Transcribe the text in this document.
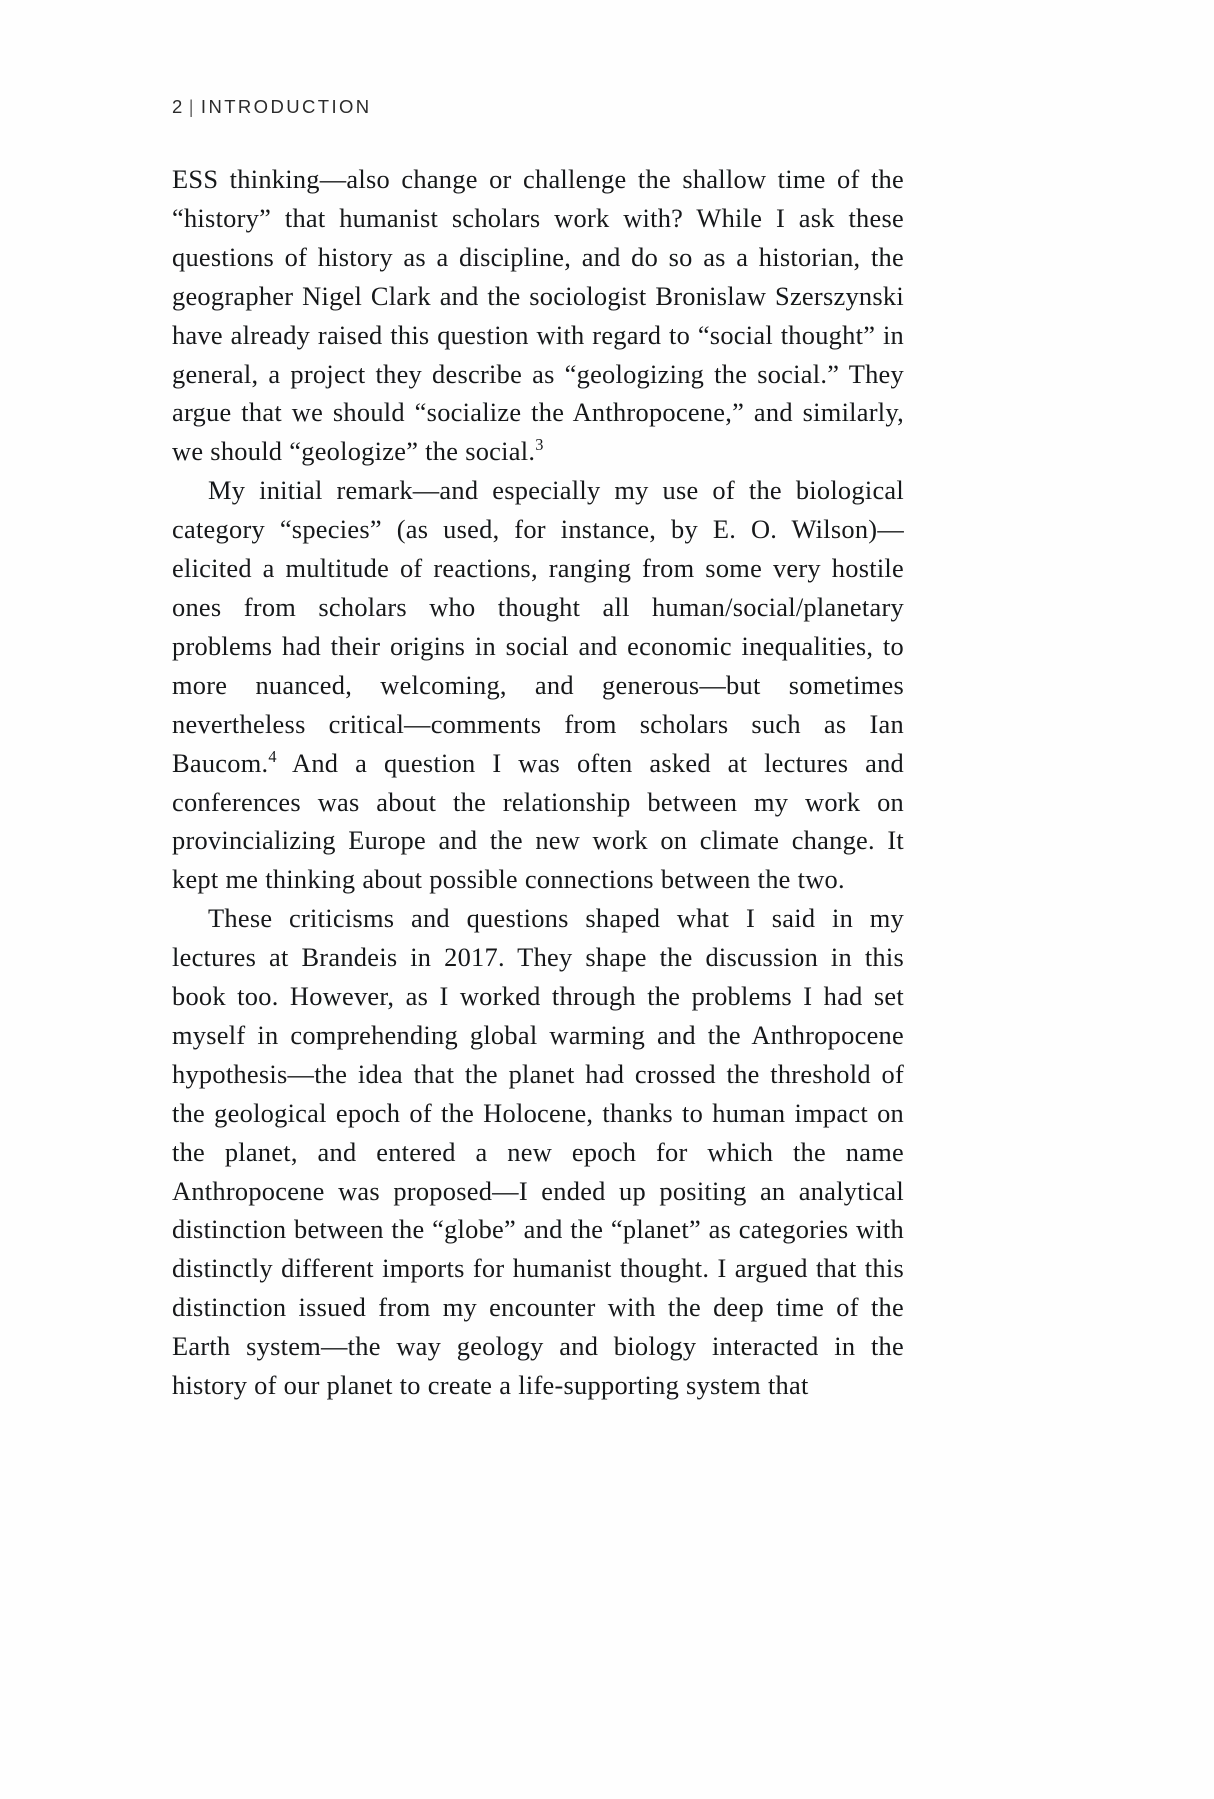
2 | INTRODUCTION

ESS thinking—also change or challenge the shallow time of the “history” that humanist scholars work with? While I ask these questions of history as a discipline, and do so as a historian, the geographer Nigel Clark and the sociologist Bronislaw Szerszynski have already raised this question with regard to “social thought” in general, a project they describe as “geologizing the social.” They argue that we should “socialize the Anthropocene,” and similarly, we should “geologize” the social.$^3$

My initial remark—and especially my use of the biological category “species” (as used, for instance, by E. O. Wilson)—elicited a multitude of reactions, ranging from some very hostile ones from scholars who thought all human/social/planetary problems had their origins in social and economic inequalities, to more nuanced, welcoming, and generous—but sometimes nevertheless critical—comments from scholars such as Ian Baucom.$^4$ And a question I was often asked at lectures and conferences was about the relationship between my work on provincializing Europe and the new work on climate change. It kept me thinking about possible connections between the two.

These criticisms and questions shaped what I said in my lectures at Brandeis in 2017. They shape the discussion in this book too. However, as I worked through the problems I had set myself in comprehending global warming and the Anthropocene hypothesis—the idea that the planet had crossed the threshold of the geological epoch of the Holocene, thanks to human impact on the planet, and entered a new epoch for which the name Anthropocene was proposed—I ended up positing an analytical distinction between the “globe” and the “planet” as categories with distinctly different imports for humanist thought. I argued that this distinction issued from my encounter with the deep time of the Earth system—the way geology and biology interacted in the history of our planet to create a life-supporting system that
